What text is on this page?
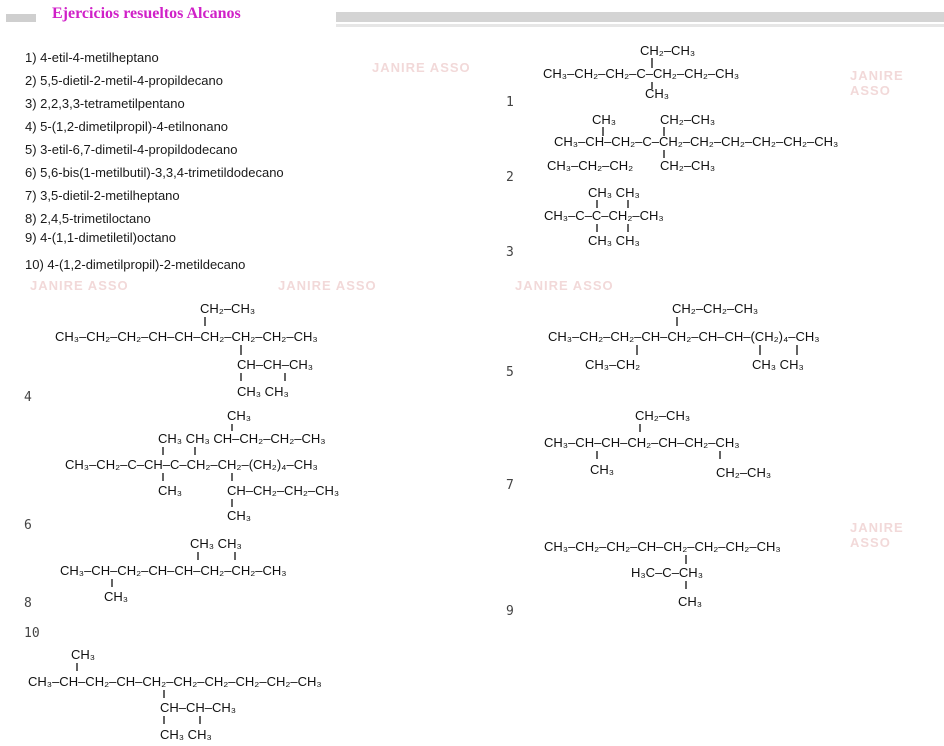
Ejercicios resueltos Alcanos
JANIRE ASSO
JANIRE ASSO
JANIRE ASSO	JANIRE ASSO	JANIRE ASSO
JANIRE ASSO
1) 4-etil-4-metilheptano
2) 5,5-dietil-2-metil-4-propildecano
3) 2,2,3,3-tetrametilpentano
4) 5-(1,2-dimetilpropil)-4-etilnonano
5) 3-etil-6,7-dimetil-4-propildodecano
6) 5,6-bis(1-metilbutil)-3,3,4-trimetildodecano
7) 3,5-dietil-2-metilheptano
8) 2,4,5-trimetiloctano
9) 4-(1,1-dimetiletil)octano
10) 4-(1,2-dimetilpropil)-2-metildecano
1
2
3
4
5
6
7
8
9
10
CH₂–CH₃
CH₃–CH₂–CH₂–C–CH₂–CH₂–CH₃
CH₃
CH₃	CH₂–CH₃
CH₃–CH–CH₂–C–CH₂–CH₂–CH₂–CH₂–CH₂–CH₃
CH₃–CH₂–CH₂ CH₂–CH₃
CH₃ CH₃
CH₃–C–C–CH₂–CH₃
CH₃ CH₃
CH₂–CH₃
CH₃–CH₂–CH₂–CH–CH–CH₂–CH₂–CH₂–CH₃
CH–CH–CH₃
CH₃ CH₃
CH₂–CH₂–CH₃
CH₃–CH₂–CH₂–CH–CH₂–CH–CH–(CH₂)₄–CH₃
CH₃–CH₂	CH₃ CH₃
CH₃
CH₃ CH₃ CH–CH₂–CH₂–CH₃
CH₃–CH₂–C–CH–C–CH₂–CH₂–(CH₂)₄–CH₃
CH₃	CH–CH₂–CH₂–CH₃
CH₃
CH₂–CH₃
CH₃–CH–CH–CH₂–CH–CH₂–CH₃
CH₃	CH₂–CH₃
CH₃ CH₃
CH₃–CH–CH₂–CH–CH–CH₂–CH₂–CH₃
CH₃
CH₃–CH₂–CH₂–CH–CH₂–CH₂–CH₂–CH₃
H₃C–C–CH₃
CH₃
CH₃
CH₃–CH–CH₂–CH–CH₂–CH₂–CH₂–CH₂–CH₂–CH₃
CH–CH–CH₃
CH₃ CH₃
